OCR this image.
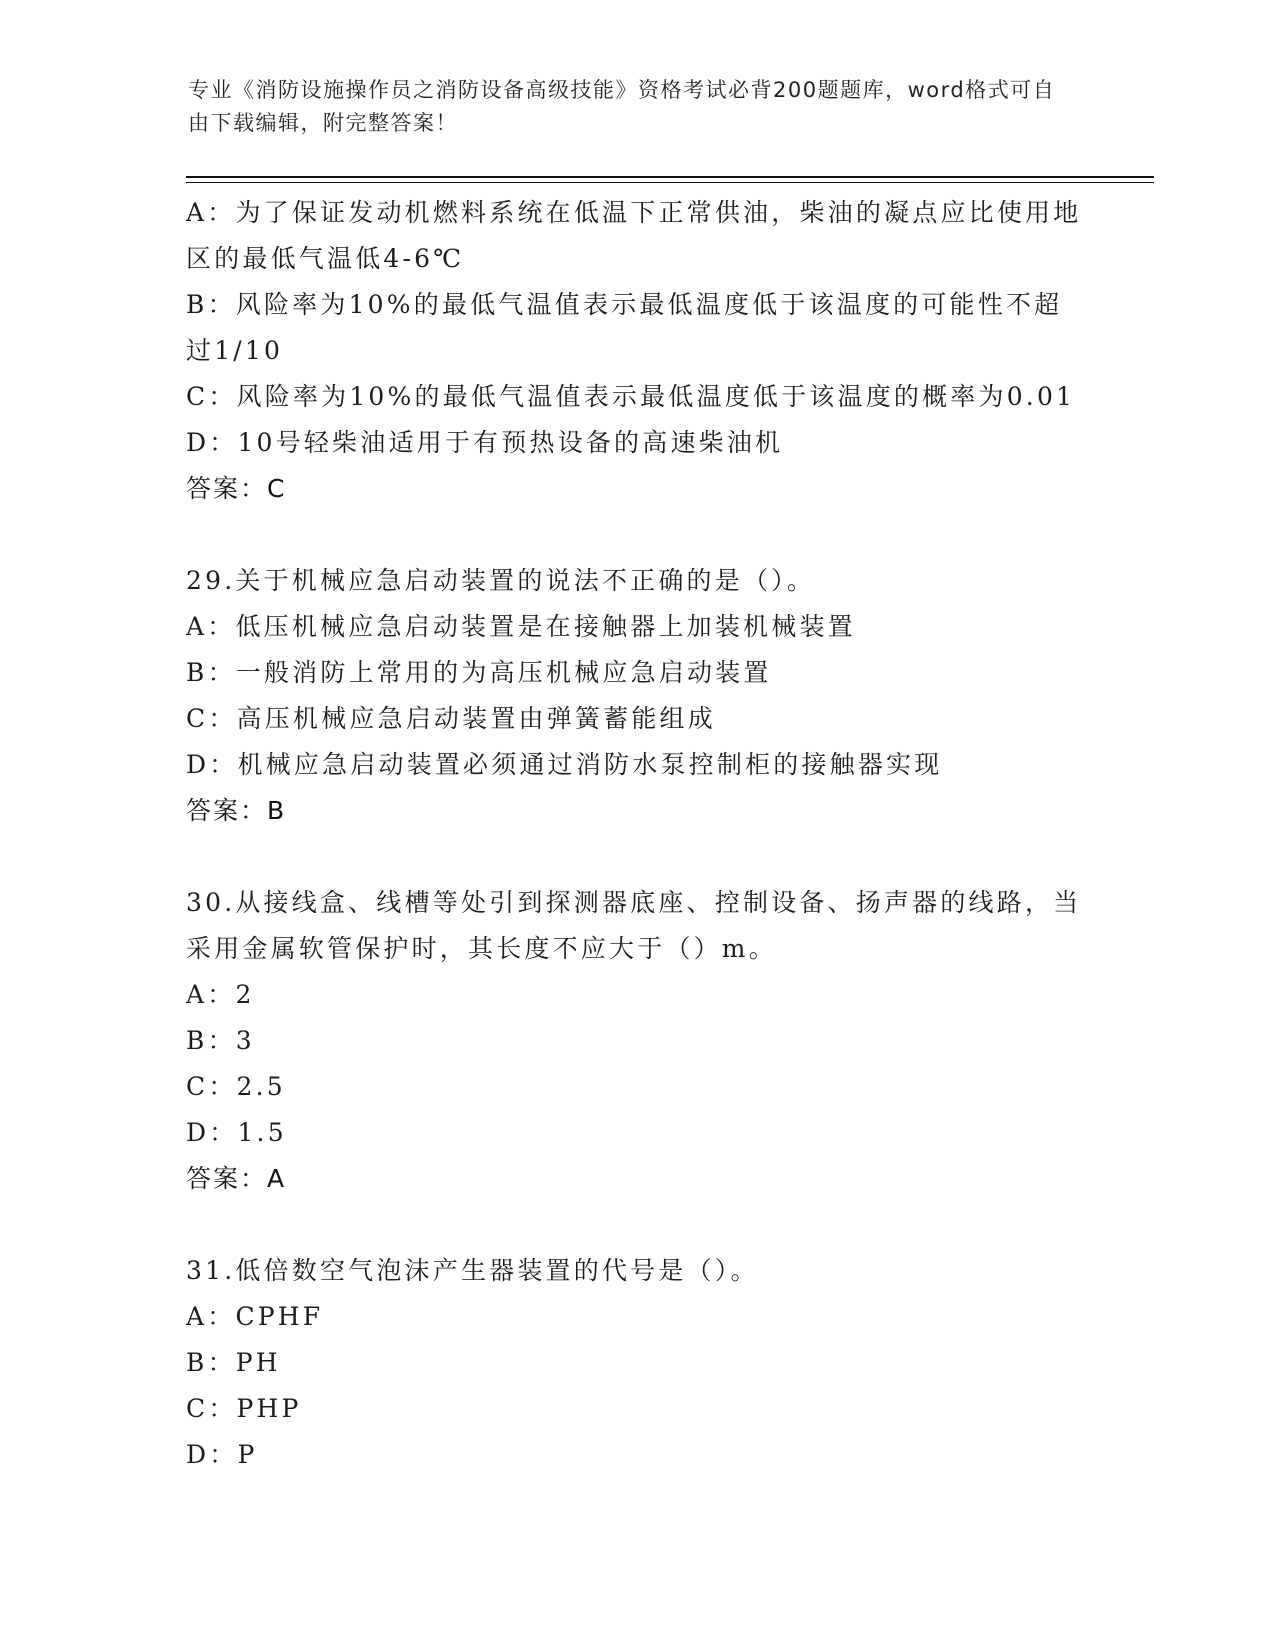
专业《消防设施操作员之消防设备高级技能》资格考试必背200题题库，word格式可自由下载编辑，附完整答案！
A：为了保证发动机燃料系统在低温下正常供油，柴油的凝点应比使用地区的最低气温低4-6℃
B：风险率为10%的最低气温值表示最低温度低于该温度的可能性不超过1/10
C：风险率为10%的最低气温值表示最低温度低于该温度的概率为0.01
D：10号轻柴油适用于有预热设备的高速柴油机
答案：C
29.关于机械应急启动装置的说法不正确的是（）。
A：低压机械应急启动装置是在接触器上加装机械装置
B：一般消防上常用的为高压机械应急启动装置
C：高压机械应急启动装置由弹簧蓄能组成
D：机械应急启动装置必须通过消防水泵控制柜的接触器实现
答案：B
30.从接线盒、线槽等处引到探测器底座、控制设备、扬声器的线路，当采用金属软管保护时，其长度不应大于（）m。
A：2
B：3
C：2.5
D：1.5
答案：A
31.低倍数空气泡沫产生器装置的代号是（）。
A：CPHF
B：PH
C：PHP
D：P
